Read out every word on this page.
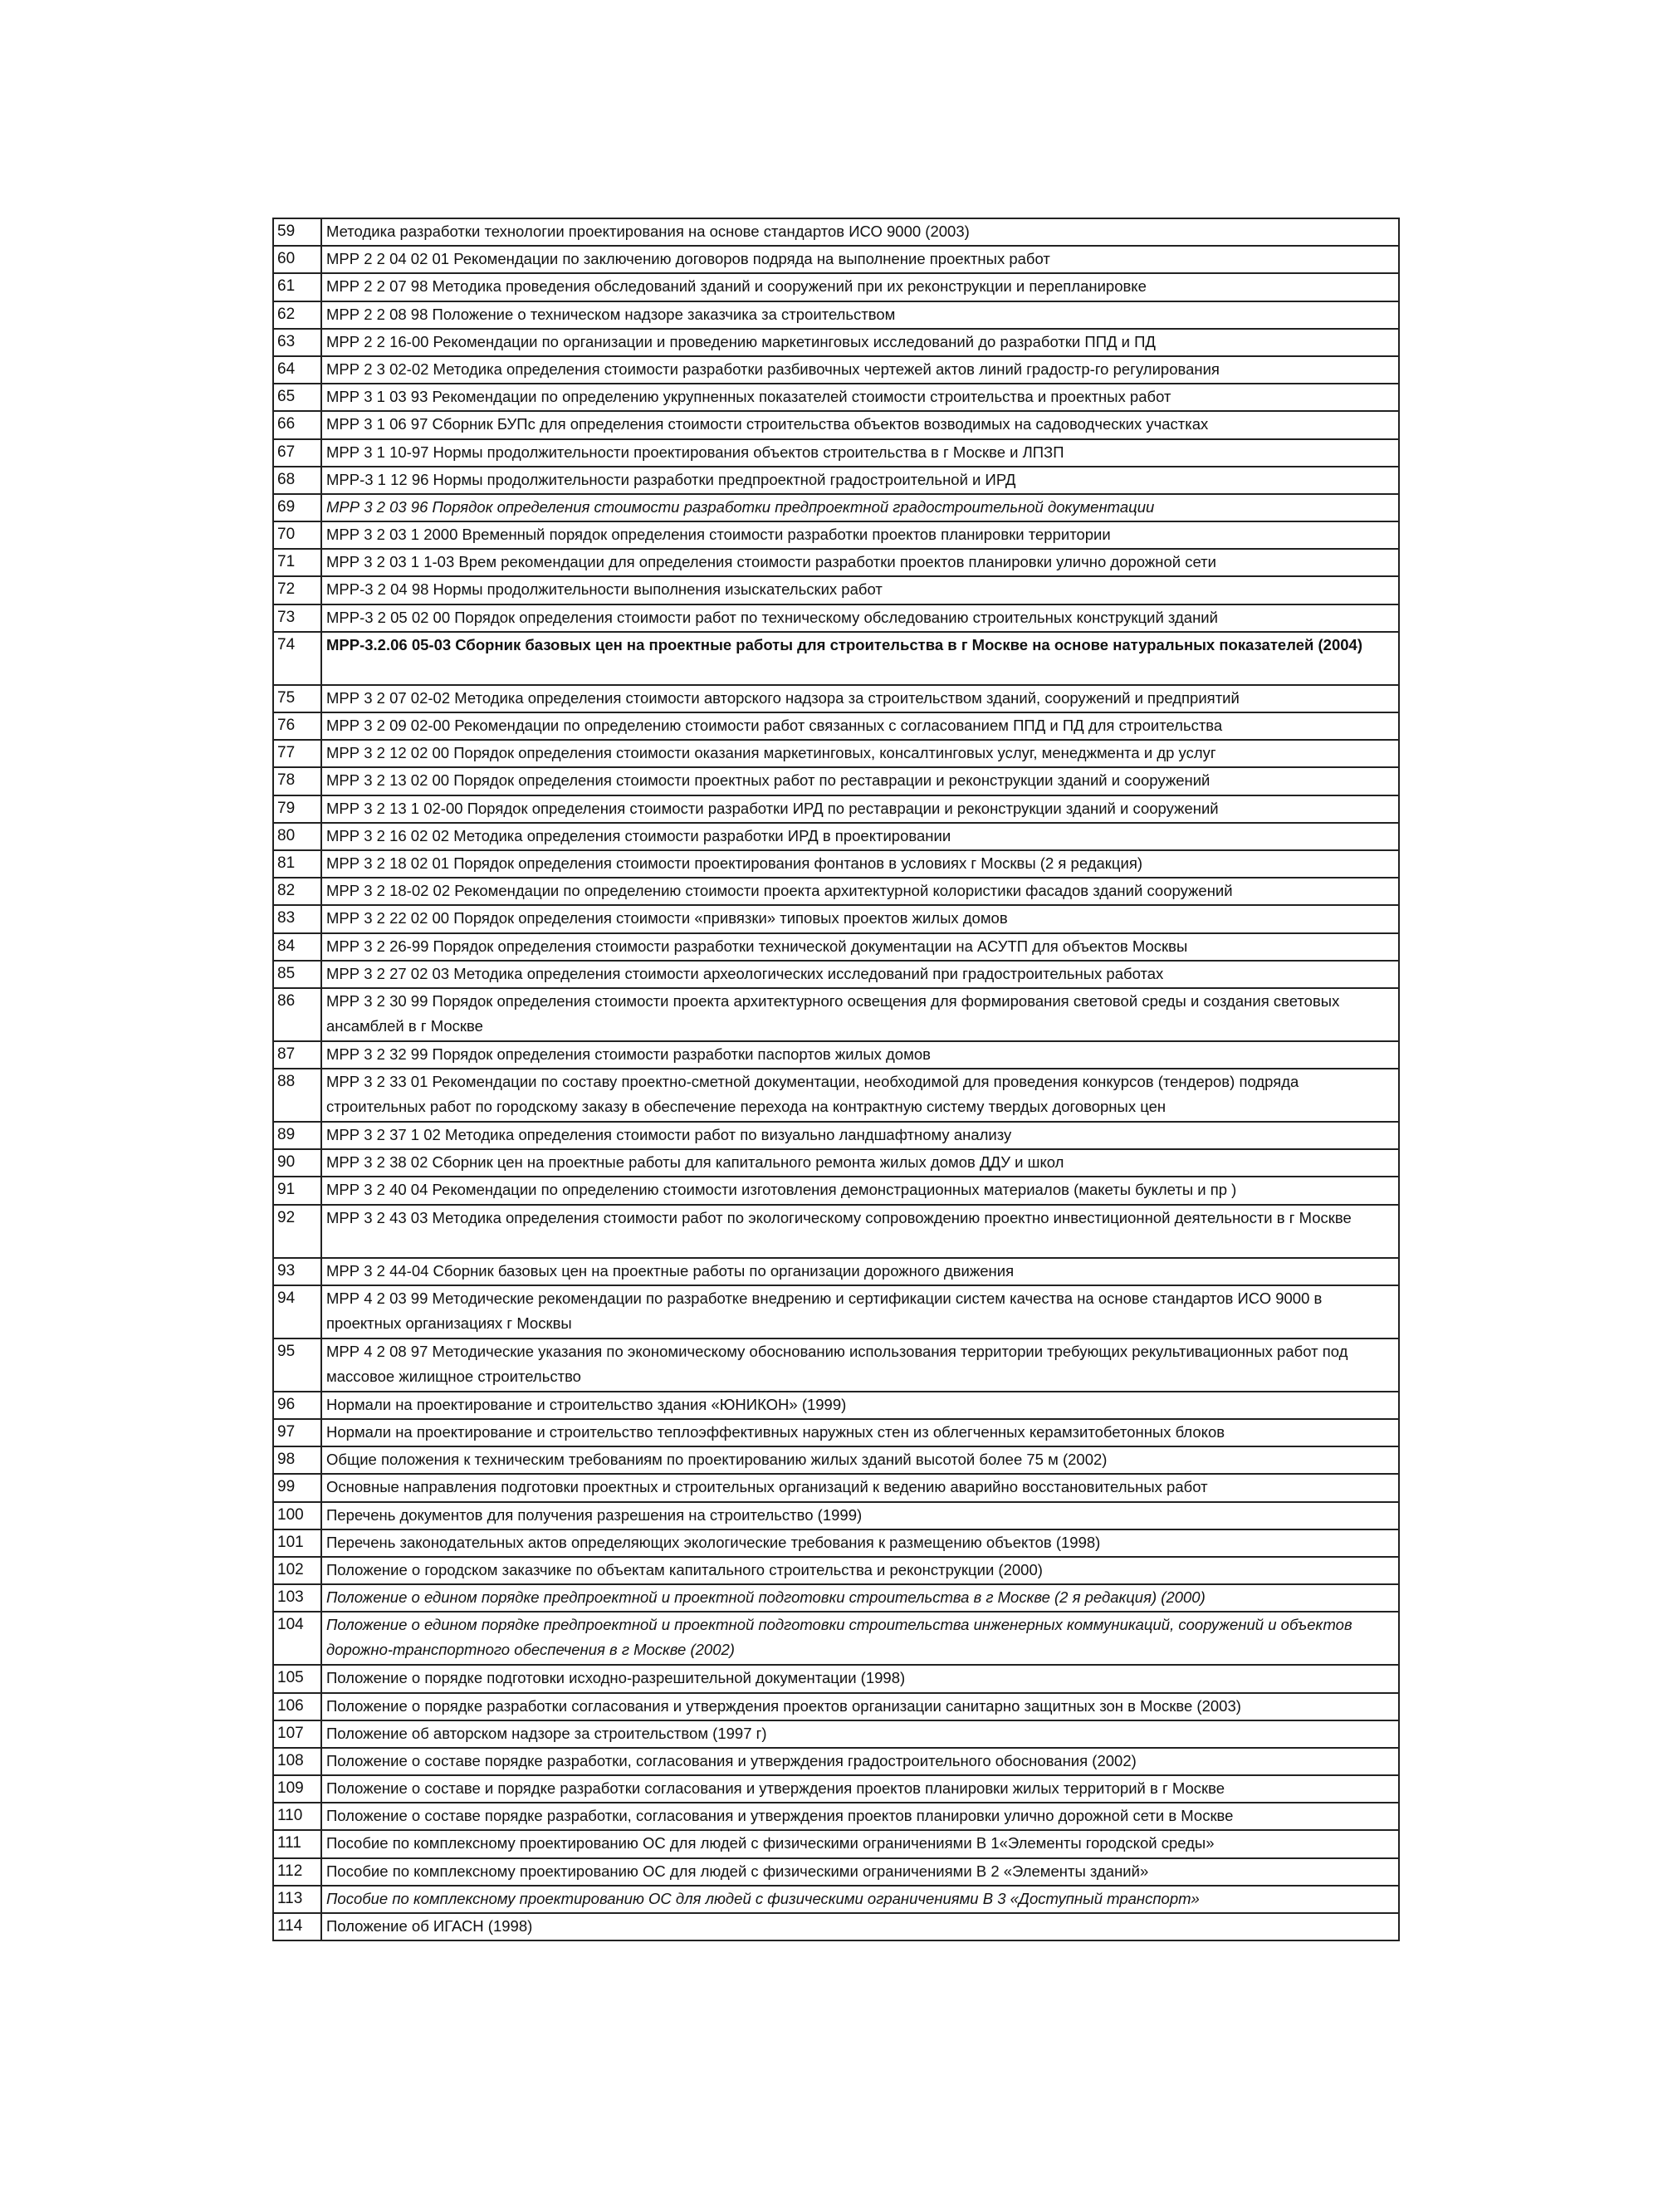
59	Методика разработки технологии проектирования на основе стандартов ИСО 9000 (2003)
60	МРР 2 2 04 02 01 Рекомендации по заключению договоров подряда на выполнение проектных работ
61	МРР 2 2 07 98 Методика проведения обследований зданий и сооружений при их реконструкции и перепланировке
62	МРР 2 2 08 98 Положение о техническом надзоре заказчика за строительством
63	МРР 2 2 16-00 Рекомендации по организации и проведению маркетинговых исследований до разработки ППД и ПД
64	МРР 2 3 02-02 Методика определения стоимости разработки разбивочных чертежей актов линий градостр-го регулирования
65	МРР 3 1 03 93 Рекомендации по определению укрупненных показателей стоимости строительства и проектных работ
66	МРР 3 1 06 97 Сборник БУПс для определения стоимости строительства объектов возводимых на садоводческих участках
67	МРР 3 1 10-97 Нормы продолжительности проектирования объектов строительства в г Москве и ЛПЗП
68	МРР-3 1 12 96 Нормы продолжительности разработки предпроектной градостроительной и ИРД
69	МРР 3 2 03 96 Порядок определения стоимости разработки предпроектной градостроительной документации
70	МРР 3 2 03 1 2000 Временный порядок определения стоимости разработки проектов планировки территории
71	МРР 3 2 03 1 1-03 Врем рекомендации для определения стоимости разработки проектов планировки улично дорожной сети
72	МРР-3 2 04 98 Нормы продолжительности выполнения изыскательских работ
73	МРР-3 2 05 02 00 Порядок определения стоимости работ по техническому обследованию строительных конструкций зданий
74	МРР-3.2.06 05-03 Сборник базовых цен на проектные работы для строительства в г Москве на основе натуральных показателей (2004)
75	МРР 3 2 07 02-02 Методика определения стоимости авторского надзора за строительством зданий, сооружений и предприятий
76	МРР 3 2 09 02-00 Рекомендации по определению стоимости работ связанных с согласованием ППД и ПД для строительства
77	МРР 3 2 12 02 00 Порядок определения стоимости оказания маркетинговых, консалтинговых услуг, менеджмента и др услуг
78	МРР 3 2 13 02 00 Порядок определения стоимости проектных работ по реставрации и реконструкции зданий и сооружений
79	МРР 3 2 13 1 02-00 Порядок определения стоимости разработки ИРД по реставрации и реконструкции зданий и сооружений
80	МРР 3 2 16 02 02 Методика определения стоимости разработки ИРД в проектировании
81	МРР 3 2 18 02 01 Порядок определения стоимости проектирования фонтанов в условиях г Москвы (2 я редакция)
82	МРР 3 2 18-02 02 Рекомендации по определению стоимости проекта архитектурной колористики фасадов зданий сооружений
83	МРР 3 2 22 02 00 Порядок определения стоимости «привязки» типовых проектов жилых домов
84	МРР 3 2 26-99 Порядок определения стоимости разработки технической документации на АСУТП для объектов Москвы
85	МРР 3 2 27 02 03 Методика определения стоимости археологических исследований при градостроительных работах
86	МРР 3 2 30 99 Порядок определения стоимости проекта архитектурного освещения для формирования световой среды и создания световых ансамблей в г Москве
87	МРР 3 2 32 99 Порядок определения стоимости разработки паспортов жилых домов
88	МРР 3 2 33 01 Рекомендации по составу проектно-сметной документации, необходимой для проведения конкурсов (тендеров) подряда строительных работ по городскому заказу в обеспечение перехода на контрактную систему твердых договорных цен
89	МРР 3 2 37 1 02 Методика определения стоимости работ по визуально ландшафтному анализу
90	МРР 3 2 38 02 Сборник цен на проектные работы для капитального ремонта жилых домов ДДУ и школ
91	МРР 3 2 40 04 Рекомендации по определению стоимости изготовления демонстрационных материалов (макеты буклеты и пр )
92	МРР 3 2 43 03 Методика определения стоимости работ по экологическому сопровождению проектно инвестиционной деятельности в г Москве
93	МРР 3 2 44-04 Сборник базовых цен на проектные работы по организации дорожного движения
94	МРР 4 2 03 99 Методические рекомендации по разработке внедрению и сертификации систем качества на основе стандартов ИСО 9000 в проектных организациях г Москвы
95	МРР 4 2 08 97 Методические указания по экономическому обоснованию использования территории требующих рекультивационных работ под массовое жилищное строительство
96	Нормали на проектирование и строительство здания «ЮНИКОН» (1999)
97	Нормали на проектирование и строительство теплоэффективных наружных стен из облегченных керамзитобетонных блоков
98	Общие положения к техническим требованиям по проектированию жилых зданий высотой более 75 м (2002)
99	Основные направления подготовки проектных и строительных организаций к ведению аварийно восстановительных работ
100	Перечень документов для получения разрешения на строительство (1999)
101	Перечень законодательных актов определяющих экологические требования к размещению объектов (1998)
102	Положение о городском заказчике по объектам капитального строительства и реконструкции (2000)
103	Положение о едином порядке предпроектной и проектной подготовки строительства в г Москве (2 я редакция) (2000)
104	Положение о едином порядке предпроектной и проектной подготовки строительства инженерных коммуникаций, сооружений и объектов дорожно-транспортного обеспечения в г Москве (2002)
105	Положение о порядке подготовки исходно-разрешительной документации (1998)
106	Положение о порядке разработки согласования и утверждения проектов организации санитарно защитных зон в Москве (2003)
107	Положение об авторском надзоре за строительством (1997 г)
108	Положение о составе порядке разработки, согласования и утверждения градостроительного обоснования (2002)
109	Положение о составе и порядке разработки согласования и утверждения проектов планировки жилых территорий в г Москве
110	Положение о составе порядке разработки, согласования и утверждения проектов планировки улично дорожной сети в Москве
111	Пособие по комплексному проектированию ОС для людей с физическими ограничениями В 1«Элементы городской среды»
112	Пособие по комплексному проектированию ОС для людей с физическими ограничениями В 2 «Элементы зданий»
113	Пособие по комплексному проектированию ОС для людей с физическими ограничениями В 3 «Доступный транспорт»
114	Положение об ИГАСН (1998)
